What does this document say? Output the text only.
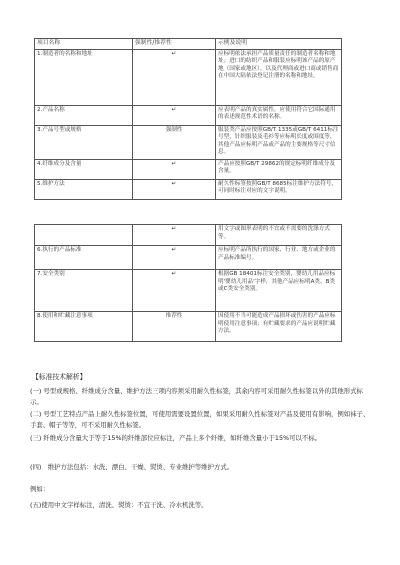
项目名称	强制性/推荐性	示例及说明
1.制造者的名称和地址	↵	应标明依法承担产品质量责任的制造者名称和地址；进口的纺织产品和服装应标明该产品的原产地（国家或地区），以及代理商或进口商或销售商在中国大陆依法登记注册的名称和地址。
2.产品名称	↵	应表明产品的真实属性，应使用符合它国际通用的表述规范性术语的名称。
3.产品号型或规格	强制性	服装类产品应按照GB/T 1335或GB/T 6411标注号型，针织服装及毛衫等应标明长度或围度等，其他产品应标明产品或产品的主要规格等尺寸信息。
4.纤维成分及含量	↵	产品应按照GB/T 29862的规定标明纤维成分及含量。
5.维护方法	↵	耐久性标签按照GB/T 8685标注维护方法符号，可同时标注对应的文字说明。
	↵	用文字或图形表明的不宜或不需要的洗涤方式等。
6.执行的产品标准	↵	应标明产品所执行的国家、行业、地方或企业的产品标准编号。
7.安全类别	↵	根据GB 18401标注安全类别，婴幼儿用品应标明'婴幼儿用品'字样，其他产品应标明A类、B类或C类安全类别。
8.使用和贮藏注意事项	推荐性	因使用不当可能造成产品损坏或伤害的产品应标明使用注意事项；有贮藏要求的产品应说明贮藏方法。
【标准技术解析】
(一) 号型或规格、纤维成分含量、维护方法三项内容须采用耐久性标签，其余内容可采用耐久性标签以外的其他形式标示。
(二) 号型工艺特点产品上耐久性标签位置，可使用需要设置位置，如果采用耐久性标签对产品及使用有影响，例如袜子、手套、帽子等等，可不采用耐久性标签。
(三) 纤维成分含量大于等于15%的纤维部位应标注，产品上多个纤维，如纤维含量小于15%可以不标。
(四)　维护方法包括：水洗、漂白、干燥、熨烫、专业维护等维护方式。
例如：
(五)使用中文字样标注，清洗、熨烫：不宜干洗、冷水机洗等。
